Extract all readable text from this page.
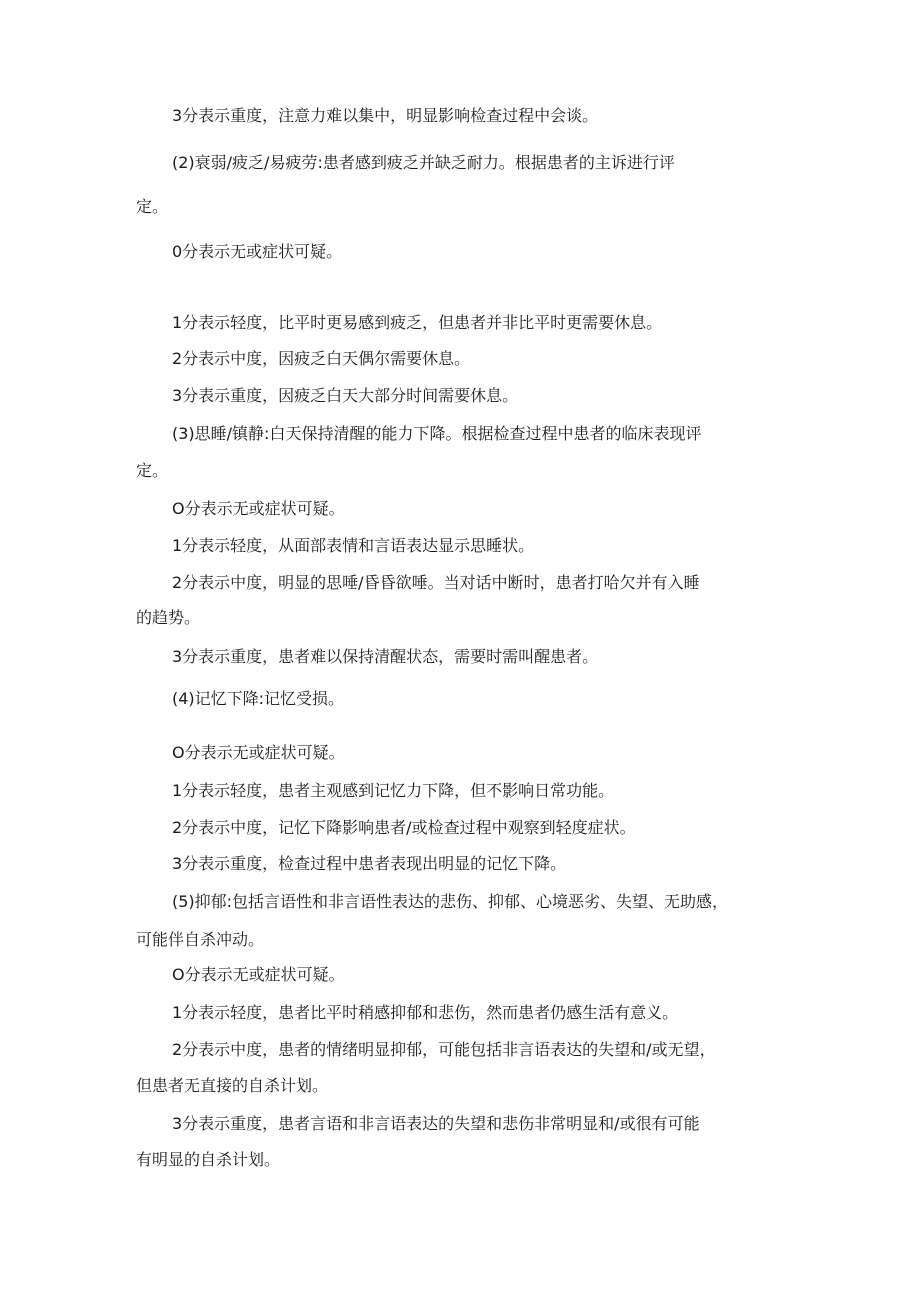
3分表示重度，注意力难以集中，明显影响检查过程中会谈。
(2)衰弱/疲乏/易疲劳:患者感到疲乏并缺乏耐力。根据患者的主诉进行评
定。
0分表示无或症状可疑。
1分表示轻度，比平时更易感到疲乏，但患者并非比平时更需要休息。
2分表示中度，因疲乏白天偶尔需要休息。
3分表示重度，因疲乏白天大部分时间需要休息。
(3)思睡/镇静:白天保持清醒的能力下降。根据检查过程中患者的临床表现评
定。
O分表示无或症状可疑。
1分表示轻度，从面部表情和言语表达显示思睡状。
2分表示中度，明显的思唾/昏昏欲唾。当对话中断时，患者打哈欠并有入睡
的趋势。
3分表示重度，患者难以保持清醒状态，需要时需叫醒患者。
(4)记忆下降:记忆受损。
O分表示无或症状可疑。
1分表示轻度，患者主观感到记忆力下降，但不影响日常功能。
2分表示中度，记忆下降影响患者/或检查过程中观察到轻度症状。
3分表示重度，检查过程中患者表现出明显的记忆下降。
(5)抑郁:包括言语性和非言语性表达的悲伤、抑郁、心境恶劣、失望、无助感，
可能伴自杀冲动。
O分表示无或症状可疑。
1分表示轻度，患者比平时稍感抑郁和悲伤，然而患者仍感生活有意义。
2分表示中度，患者的情绪明显抑郁，可能包括非言语表达的失望和/或无望，
但患者无直接的自杀计划。
3分表示重度，患者言语和非言语表达的失望和悲伤非常明显和/或很有可能
有明显的自杀计划。
